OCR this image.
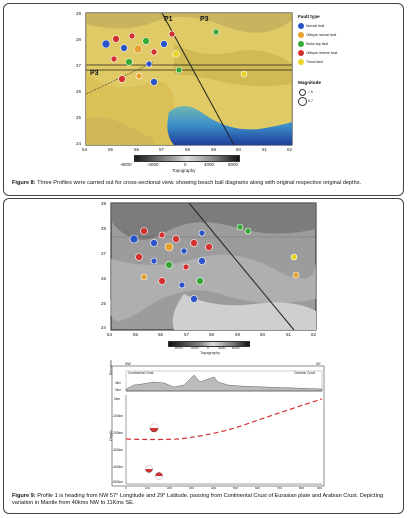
P1	P3
P3
29
28
27
26
25
24
54	55	56	57	58	59	60	61	62
-8000	-4000	0	4000	8000
Topography
Fault type
Normal fault
Oblique normal fault
Strike slip fault
Oblique reverse fault
Thrust fault
Magnitude
< 5
5-7
Figure 8: Three Profiles were carried out for cross-sectional view. showing beach ball diagrams along with original respective original depths.
29
28
27
26
25
24
54	55	56	57	58	59	60	61	62
-8000 -4000 0	4000 8000
Topography
NW	SE
Continental Crust	Oceanic Crust
Elevation
3km
0km
Depth
0km
-100km
-200km
-300km
-400km
-500km
0	100	200	300	400	500	600	700	800	900
Figure 9: Profile 1 is heading from NW 57° Longitude and 29° Latitude. passing from Continental Crust of Eurasian plate and Arabian Crust. Depicting variation in Mantle from 40kms NW to 11Kms SE.
